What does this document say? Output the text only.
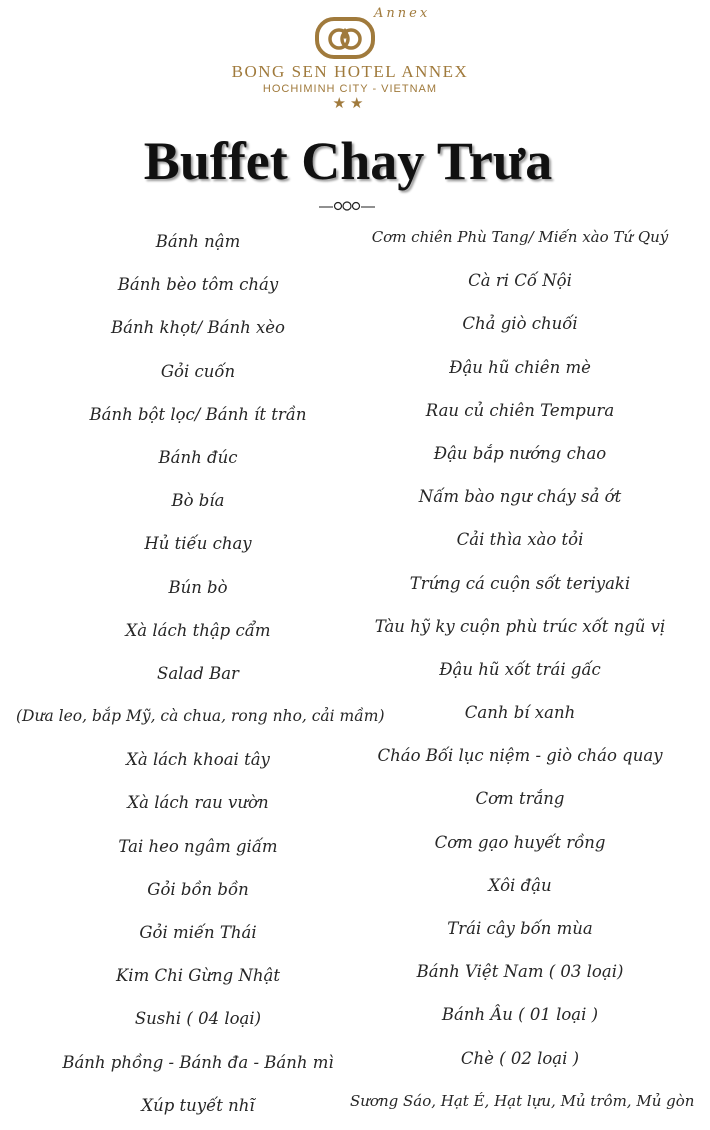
Annex
BONG SEN HOTEL ANNEX
HOCHIMINH CITY - VIETNAM
★★
Buffet Chay Trưa
Bánh nậm
Bánh bèo tôm cháy
Bánh khọt/ Bánh xèo
Gỏi cuốn
Bánh bột lọc/ Bánh ít trần
Bánh đúc
Bò bía
Hủ tiếu chay
Bún bò
Xà lách thập cẩm
Salad Bar
(Dưa leo, bắp Mỹ, cà chua, rong nho, cải mầm)
Xà lách khoai tây
Xà lách rau vườn
Tai heo ngâm giấm
Gỏi bồn bồn
Gỏi miến Thái
Kim Chi Gừng Nhật
Sushi ( 04 loại)
Bánh phồng - Bánh đa - Bánh mì
Xúp tuyết nhĩ
Cơm chiên Phù Tang/ Miến xào Tứ Quý
Cà ri Cố Nội
Chả giò chuối
Đậu hũ chiên mè
Rau củ chiên Tempura
Đậu bắp nướng chao
Nấm bào ngư cháy sả ớt
Cải thìa xào tỏi
Trứng cá cuộn sốt teriyaki
Tàu hỹ ky cuộn phù trúc xốt ngũ vị
Đậu hũ xốt trái gấc
Canh bí xanh
Cháo Bối lục niệm - giò cháo quay
Cơm trắng
Cơm gạo huyết rồng
Xôi đậu
Trái cây bốn mùa
Bánh Việt Nam ( 03 loại)
Bánh Âu ( 01 loại )
Chè ( 02 loại )
Sương Sáo, Hạt É, Hạt lựu, Mủ trôm, Mủ gòn
